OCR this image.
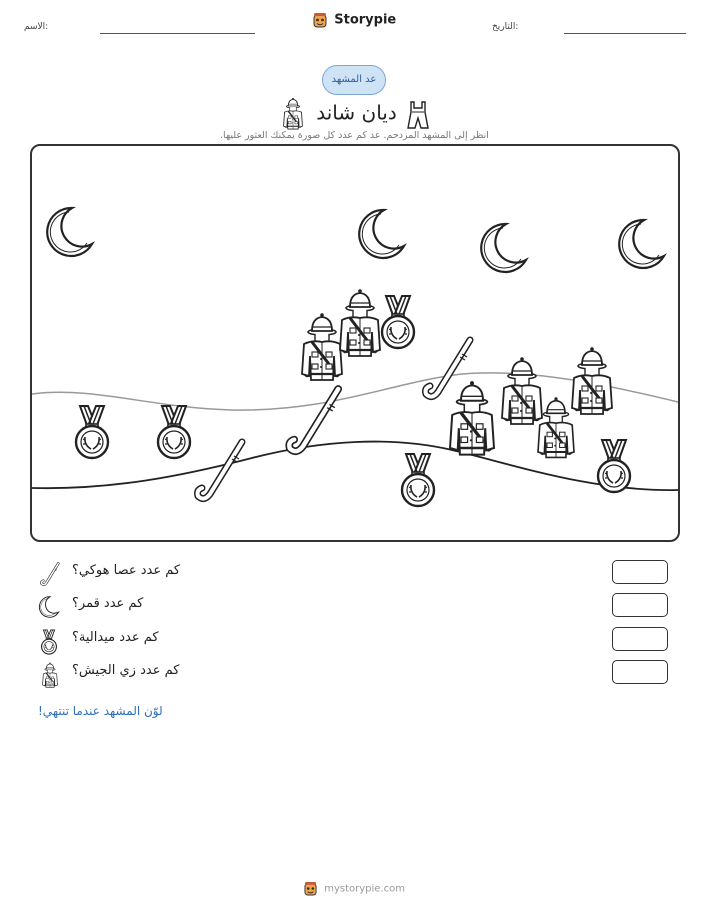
Storypie
الاسم:	التاريخ:
عد المشهد
ديان شاند
انظر إلى المشهد المزدحم. عد كم عدد كل صورة يمكنك العثور عليها.
كم عدد عصا هوكي؟
كم عدد قمر؟
كم عدد ميدالية؟
كم عدد زي الجيش؟
لوّن المشهد عندما تنتهي!
mystorypie.com
